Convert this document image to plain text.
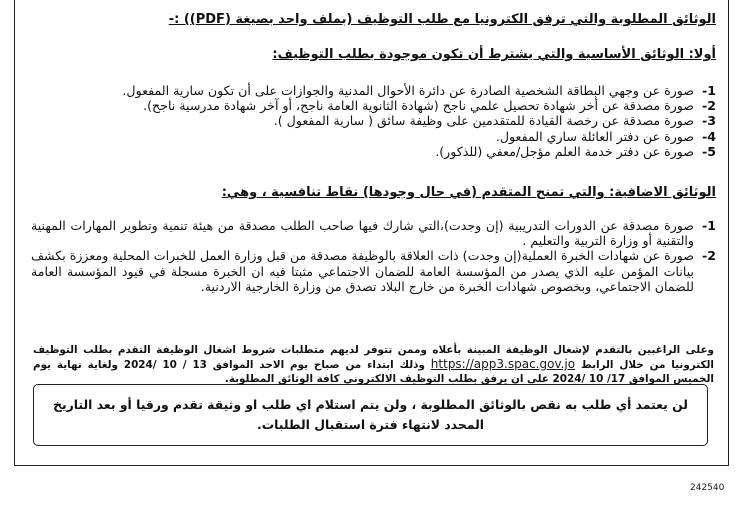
الوثائق المطلوبة والتي ترفق الكترونيا مع طلب التوظيف (بملف واحد بصيغة (PDF)) :-
أولا: الوثائق الأساسية والتي يشترط أن تكون موجودة بطلب التوظيف:
1-
صورة عن وجهي البطاقة الشخصية الصادرة عن دائرة الأحوال المدنية والجوازات على أن تكون سارية المفعول.
2-
صورة مصدقة عن أخر شهادة تحصيل علمي ناجح (شهادة الثانوية العامة ناجح، أو آخر شهادة مدرسية ناجح).
3-
صورة مصدقة عن رخصة القيادة للمتقدمين على وظيفة سائق ( سارية المفعول ).
4-
صورة عن دفتر العائلة ساري المفعول.
5-
صورة عن دفتر خدمة العلم مؤجل/معفي (للذكور).
الوثائق الاضافية: والتي تمنح المتقدم (في حال وجودها) نقاط تنافسية ، وهي:
1-
صورة مصدقة عن الدورات التدريبية (إن وجدت)،التي شارك فيها صاحب الطلب مصدقة من هيئة تنمية وتطوير المهارات المهنية والتقنية أو وزارة التربية والتعليم .
2-
صورة عن شهادات الخبرة العملية(إن وجدت) ذات العلاقة بالوظيفة مصدقة من قبل وزارة العمل للخبرات المحلية ومعززة بكشف بيانات المؤمن عليه الذي يصدر من المؤسسة العامة للضمان الاجتماعي مثبتا فيه ان الخبرة مسجلة في قيود المؤسسة العامة للضمان الاجتماعي، وبخصوص شهادات الخبرة من خارج البلاد تصدق من وزارة الخارجية الاردنية.
وعلى الراغبين بالتقدم لإشغال الوظيفة المبينة بأعلاه وممن تتوفر لديهم متطلبات شروط اشغال الوظيفة التقدم بطلب التوظيف الكترونيا من خلال الرابط https://app3.spac.gov.jo وذلك ابتداء من صباح يوم الاحد الموافق 13 / 10 /2024 ولغاية نهاية يوم الخميس الموافق 17/ 10 /2024 على ان يرفق بطلب التوظيف الالكتروني كافة الوثائق المطلوبة.
لن يعتمد أي طلب به نقص بالوثائق المطلوبة ، ولن يتم استلام اي طلب او وثيقة تقدم ورقيا أو بعد التاريخ المحدد لانتهاء فترة استقبال الطلبات.
242540
